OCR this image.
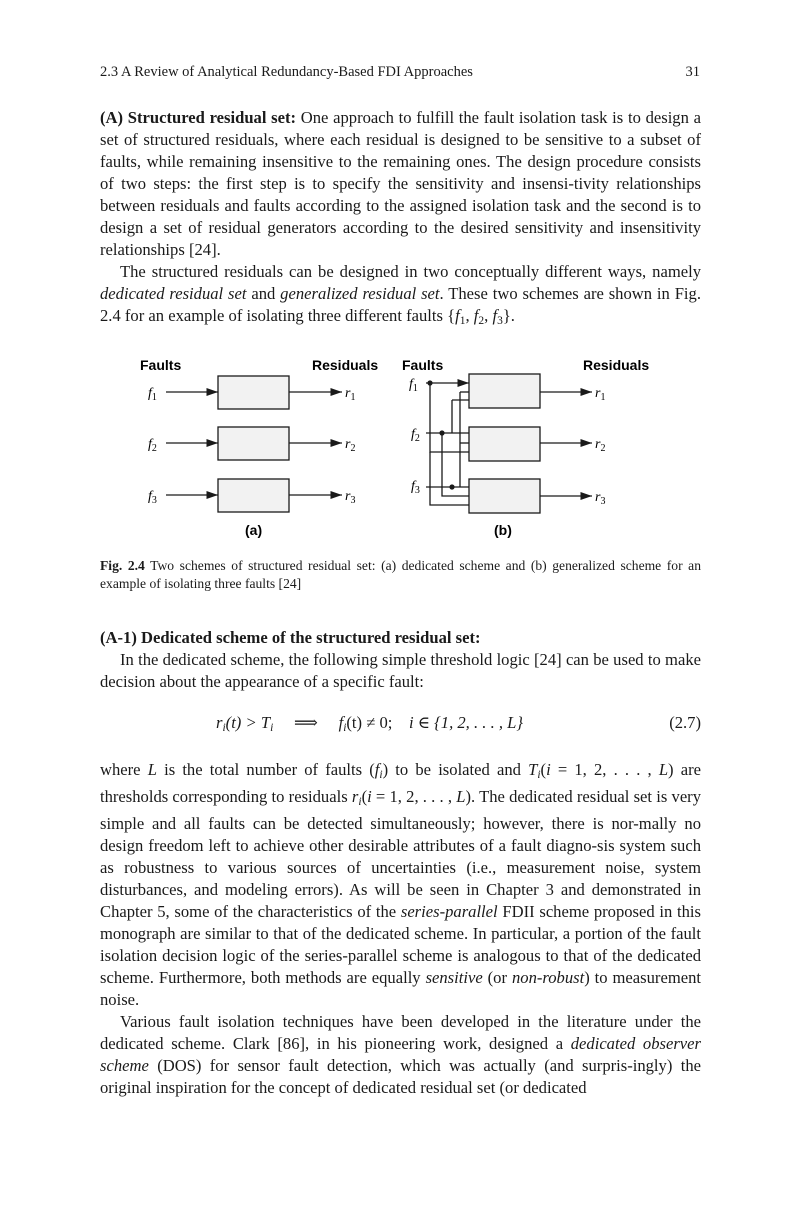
2.3 A Review of Analytical Redundancy-Based FDI Approaches	31

(A) Structured residual set: One approach to fulfill the fault isolation task is to design a set of structured residuals, where each residual is designed to be sensitive to a subset of faults, while remaining insensitive to the remaining ones. The design procedure consists of two steps: the first step is to specify the sensitivity and insensi-tivity relationships between residuals and faults according to the assigned isolation task and the second is to design a set of residual generators according to the desired sensitivity and insensitivity relationships [24].

The structured residuals can be designed in two conceptually different ways, namely dedicated residual set and generalized residual set. These two schemes are shown in Fig. 2.4 for an example of isolating three different faults {f1, f2, f3}.

Faults	Residuals
f1
f2
f3
r1
r2
r3
(a)
Faults	Residuals
f1
f2
f3
r1
r2
r3
(b)
Fig. 2.4 Two schemes of structured residual set: (a) dedicated scheme and (b) generalized scheme for an example of isolating three faults [24]

(A-1) Dedicated scheme of the structured residual set:

In the dedicated scheme, the following simple threshold logic [24] can be used to make decision about the appearance of a specific fault:

$r_i(t) > T_i$ ⟹ $f_i(t) \ne 0$; i ∈ {1, 2, . . . , L}	(2.7)

where L is the total number of faults $(f_i)$ to be isolated and $T_i(i = 1$, 2, . . . , L) are thresholds corresponding to residuals $r_i(i = 1$, 2, . . . , L). The dedicated residual set is very simple and all faults can be detected simultaneously; however, there is nor-mally no design freedom left to achieve other desirable attributes of a fault diagno-sis system such as robustness to various sources of uncertainties (i.e., measurement noise, system disturbances, and modeling errors). As will be seen in Chapter 3 and demonstrated in Chapter 5, some of the characteristics of the series-parallel FDII scheme proposed in this monograph are similar to that of the dedicated scheme. In particular, a portion of the fault isolation decision logic of the series-parallel scheme is analogous to that of the dedicated scheme. Furthermore, both methods are equally sensitive (or non-robust) to measurement noise.

Various fault isolation techniques have been developed in the literature under the dedicated scheme. Clark [86], in his pioneering work, designed a dedicated observer scheme (DOS) for sensor fault detection, which was actually (and surpris-ingly) the original inspiration for the concept of dedicated residual set (or dedicated
